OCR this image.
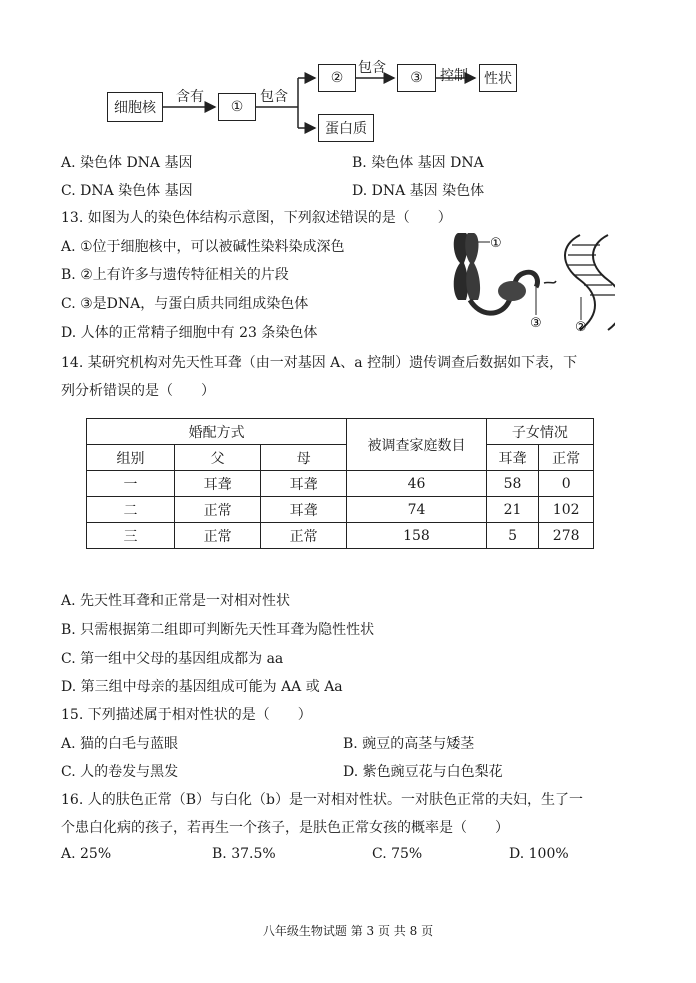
细胞核
含有
①
包含
②
包含
③ 控制 性状
蛋白质
A. 染色体 DNA 基因	B. 染色体 基因 DNA
C. DNA 染色体 基因	D. DNA 基因 染色体
13. 如图为人的染色体结构示意图，下列叙述错误的是（　　）
A. ①位于细胞核中，可以被碱性染料染成深色
B. ②上有许多与遗传特征相关的片段
C. ③是DNA，与蛋白质共同组成染色体
D. 人体的正常精子细胞中有 23 条染色体
①
③	②
14. 某研究机构对先天性耳聋（由一对基因 A、a 控制）遗传调查后数据如下表，下
列分析错误的是（　　）
婚配方式			被调查家庭数目	子女情况	
组别	父	母		耳聋	正常
一	耳聋	耳聋	46	58	0
二	正常	耳聋	74	21	102
三	正常	正常	158	5	278
A. 先天性耳聋和正常是一对相对性状
B. 只需根据第二组即可判断先天性耳聋为隐性性状
C. 第一组中父母的基因组成都为 aa
D. 第三组中母亲的基因组成可能为 AA 或 Aa
15. 下列描述属于相对性状的是（　　）
A. 猫的白毛与蓝眼	B. 豌豆的高茎与矮茎
C. 人的卷发与黑发	D. 紫色豌豆花与白色梨花
16. 人的肤色正常（B）与白化（b）是一对相对性状。一对肤色正常的夫妇，生了一
个患白化病的孩子，若再生一个孩子，是肤色正常女孩的概率是（　　）
A. 25%	B. 37.5%	C. 75%	D. 100%
八年级生物试题 第 3 页 共 8 页
